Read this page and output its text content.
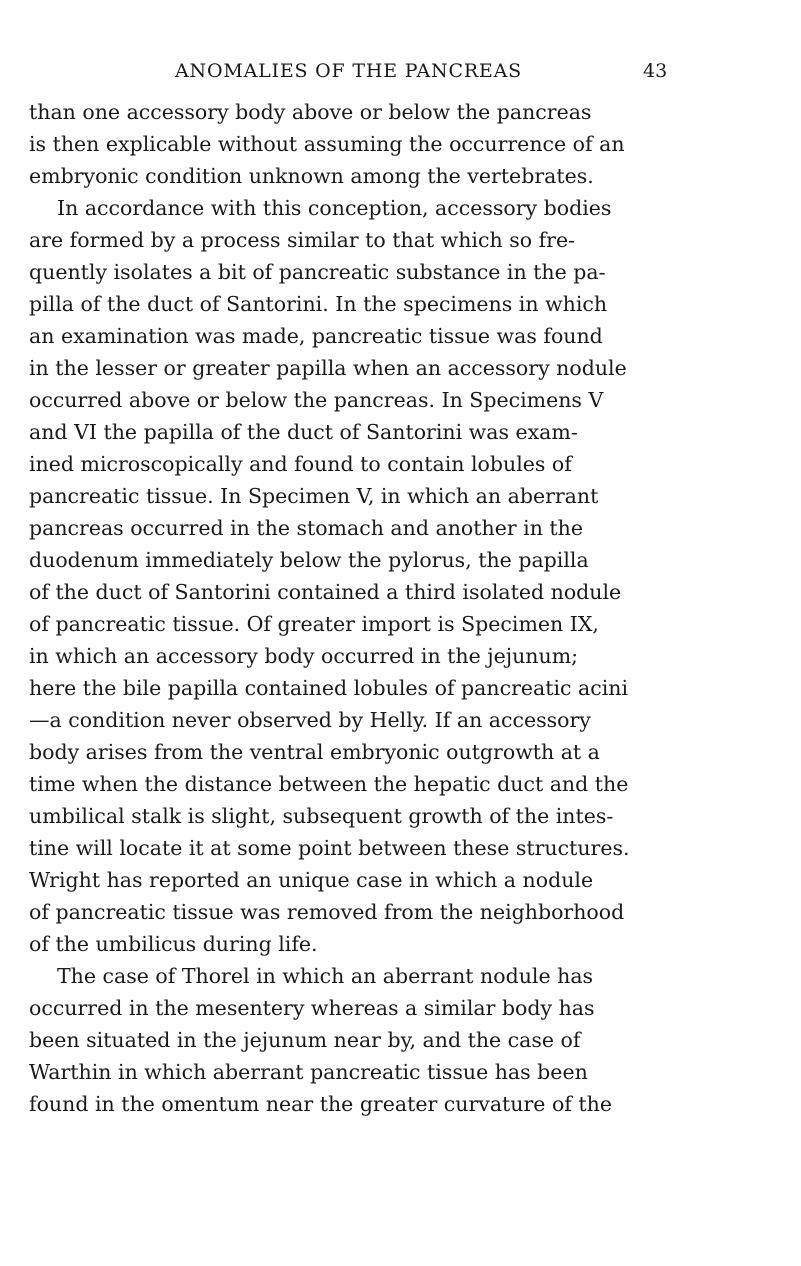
ANOMALIES OF THE PANCREAS	43
than one accessory body above or below the pancreas
is then explicable without assuming the occurrence of an
embryonic condition unknown among the vertebrates.
In accordance with this conception, accessory bodies
are formed by a process similar to that which so fre-
quently isolates a bit of pancreatic substance in the pa-
pilla of the duct of Santorini. In the specimens in which
an examination was made, pancreatic tissue was found
in the lesser or greater papilla when an accessory nodule
occurred above or below the pancreas. In Specimens V
and VI the papilla of the duct of Santorini was exam-
ined microscopically and found to contain lobules of
pancreatic tissue. In Specimen V, in which an aberrant
pancreas occurred in the stomach and another in the
duodenum immediately below the pylorus, the papilla
of the duct of Santorini contained a third isolated nodule
of pancreatic tissue. Of greater import is Specimen IX,
in which an accessory body occurred in the jejunum;
here the bile papilla contained lobules of pancreatic acini
—a condition never observed by Helly. If an accessory
body arises from the ventral embryonic outgrowth at a
time when the distance between the hepatic duct and the
umbilical stalk is slight, subsequent growth of the intes-
tine will locate it at some point between these structures.
Wright has reported an unique case in which a nodule
of pancreatic tissue was removed from the neighborhood
of the umbilicus during life.
The case of Thorel in which an aberrant nodule has
occurred in the mesentery whereas a similar body has
been situated in the jejunum near by, and the case of
Warthin in which aberrant pancreatic tissue has been
found in the omentum near the greater curvature of the
